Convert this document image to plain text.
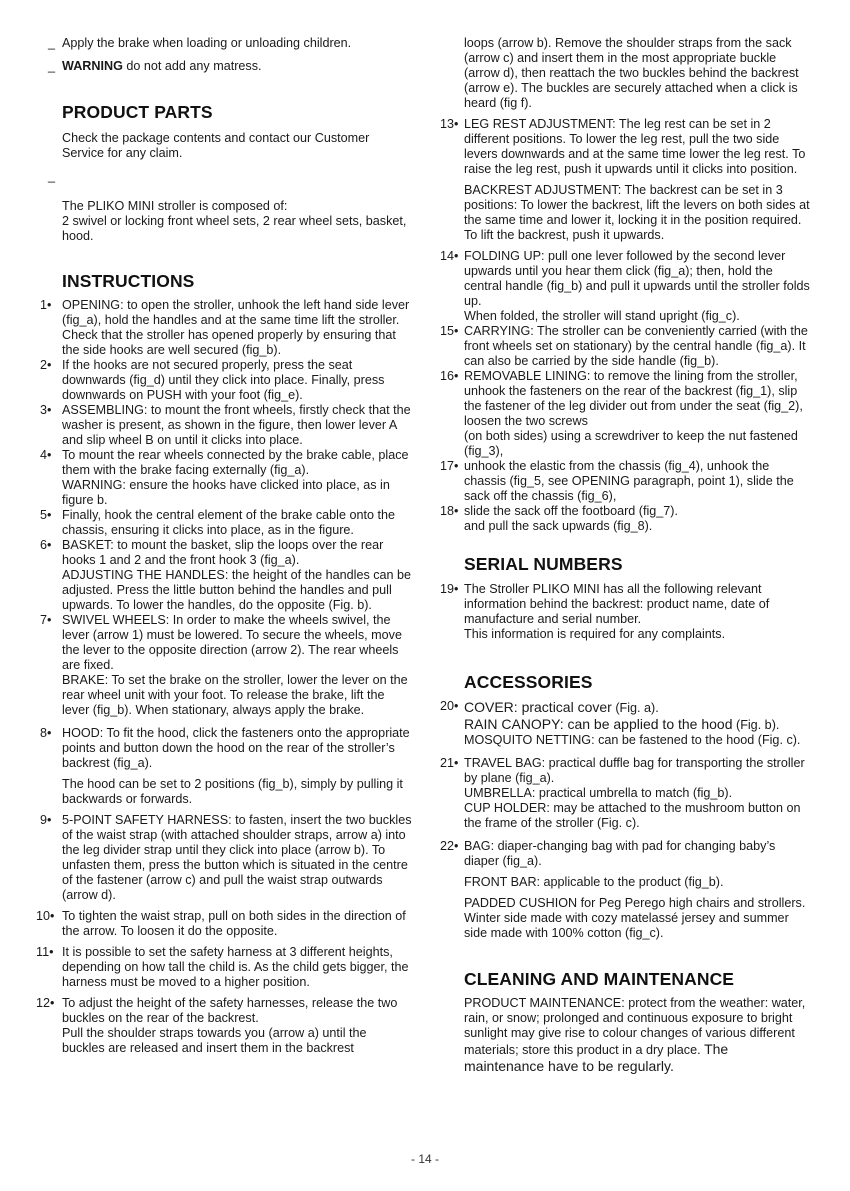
_ Apply the brake when loading or unloading children.
_ WARNING do not add any matress.
PRODUCT PARTS

Check the package contents and contact our Customer Service for any claim.

_

The PLIKO MINI stroller is composed of:
2 swivel or locking front wheel sets, 2 rear wheel sets, basket, hood.

INSTRUCTIONS
1• OPENING: to open the stroller, unhook the left hand side lever (fig_a), hold the handles and at the same time lift the stroller.
Check that the stroller has opened properly by ensuring that the side hooks are well secured (fig_b).
2• If the hooks are not secured properly, press the seat downwards (fig_d) until they click into place. Finally, press downwards on PUSH with your foot (fig_e).
3• ASSEMBLING: to mount the front wheels, firstly check that the washer is present, as shown in the figure, then lower lever A and slip wheel B on until it clicks into place.
4• To mount the rear wheels connected by the brake cable, place them with the brake facing externally (fig_a).
WARNING: ensure the hooks have clicked into place, as in figure b.
5• Finally, hook the central element of the brake cable onto the chassis, ensuring it clicks into place, as in the figure.
6• BASKET: to mount the basket, slip the loops over the rear hooks 1 and 2 and the front hook 3 (fig_a).
ADJUSTING THE HANDLES: the height of the handles can be adjusted. Press the little button behind the handles and pull upwards. To lower the handles, do the opposite (Fig. b).
7• SWIVEL WHEELS: In order to make the wheels swivel, the lever (arrow 1) must be lowered. To secure the wheels, move the lever to the opposite direction (arrow 2). The rear wheels are fixed.
BRAKE: To set the brake on the stroller, lower the lever on the rear wheel unit with your foot. To release the brake, lift the lever (fig_b). When stationary, always apply the brake.
8• HOOD: To fit the hood, click the fasteners onto the appropriate points and button down the hood on the rear of the stroller’s backrest (fig_a).
The hood can be set to 2 positions (fig_b), simply by pulling it backwards or forwards.
9• 5-POINT SAFETY HARNESS: to fasten, insert the two buckles of the waist strap (with attached shoulder straps, arrow a) into the leg divider strap until they click into place (arrow b). To unfasten them, press the button which is situated in the centre of the fastener (arrow c) and pull the waist strap outwards (arrow d).
10• To tighten the waist strap, pull on both sides in the direction of the arrow. To loosen it do the opposite.
11• It is possible to set the safety harness at 3 different heights, depending on how tall the child is. As the child gets bigger, the harness must be moved to a higher position.
12• To adjust the height of the safety harnesses, release the two buckles on the rear of the backrest.
Pull the shoulder straps towards you (arrow a) until the buckles are released and insert them in the backrest
loops (arrow b). Remove the shoulder straps from the sack (arrow c) and insert them in the most appropriate buckle (arrow d), then reattach the two buckles behind the backrest (arrow e). The buckles are securely attached when a click is heard (fig f).
13• LEG REST ADJUSTMENT: The leg rest can be set in 2 different positions. To lower the leg rest, pull the two side levers downwards and at the same time lower the leg rest. To raise the leg rest, push it upwards until it clicks into position.
BACKREST ADJUSTMENT: The backrest can be set in 3 positions: To lower the backrest, lift the levers on both sides at the same time and lower it, locking it in the position required. To lift the backrest, push it upwards.
14• FOLDING UP: pull one lever followed by the second lever upwards until you hear them click (fig_a); then, hold the central handle (fig_b) and pull it upwards until the stroller folds up.
When folded, the stroller will stand upright (fig_c).
15• CARRYING: The stroller can be conveniently carried (with the front wheels set on stationary) by the central handle (fig_a). It can also be carried by the side handle (fig_b).
16• REMOVABLE LINING: to remove the lining from the stroller, unhook the fasteners on the rear of the backrest (fig_1), slip the fastener of the leg divider out from under the seat (fig_2), loosen the two screws
(on both sides) using a screwdriver to keep the nut fastened (fig_3),
17• unhook the elastic from the chassis (fig_4), unhook the chassis (fig_5, see OPENING paragraph, point 1), slide the sack off the chassis (fig_6),
18• slide the sack off the footboard (fig_7).
and pull the sack upwards (fig_8).
SERIAL NUMBERS
19• The Stroller PLIKO MINI has all the following relevant information behind the backrest: product name, date of manufacture and serial number.
This information is required for any complaints.
ACCESSORIES
20• COVER: practical cover (Fig. a).
RAIN CANOPY: can be applied to the hood (Fig. b).
MOSQUITO NETTING: can be fastened to the hood (Fig. c).
21• TRAVEL BAG: practical duffle bag for transporting the stroller by plane (fig_a).
UMBRELLA: practical umbrella to match (fig_b).
CUP HOLDER: may be attached to the mushroom button on the frame of the stroller (Fig. c).
22• BAG: diaper-changing bag with pad for changing baby’s diaper (fig_a).
FRONT BAR: applicable to the product (fig_b).
PADDED CUSHION for Peg Perego high chairs and strollers. Winter side made with cozy matelassé jersey and summer side made with 100% cotton (fig_c).
CLEANING AND MAINTENANCE
PRODUCT MAINTENANCE: protect from the weather: water, rain, or snow; prolonged and continuous exposure to bright sunlight may give rise to colour changes of various different materials; store this product in a dry place. The maintenance have to be regularly.
- 14 -
